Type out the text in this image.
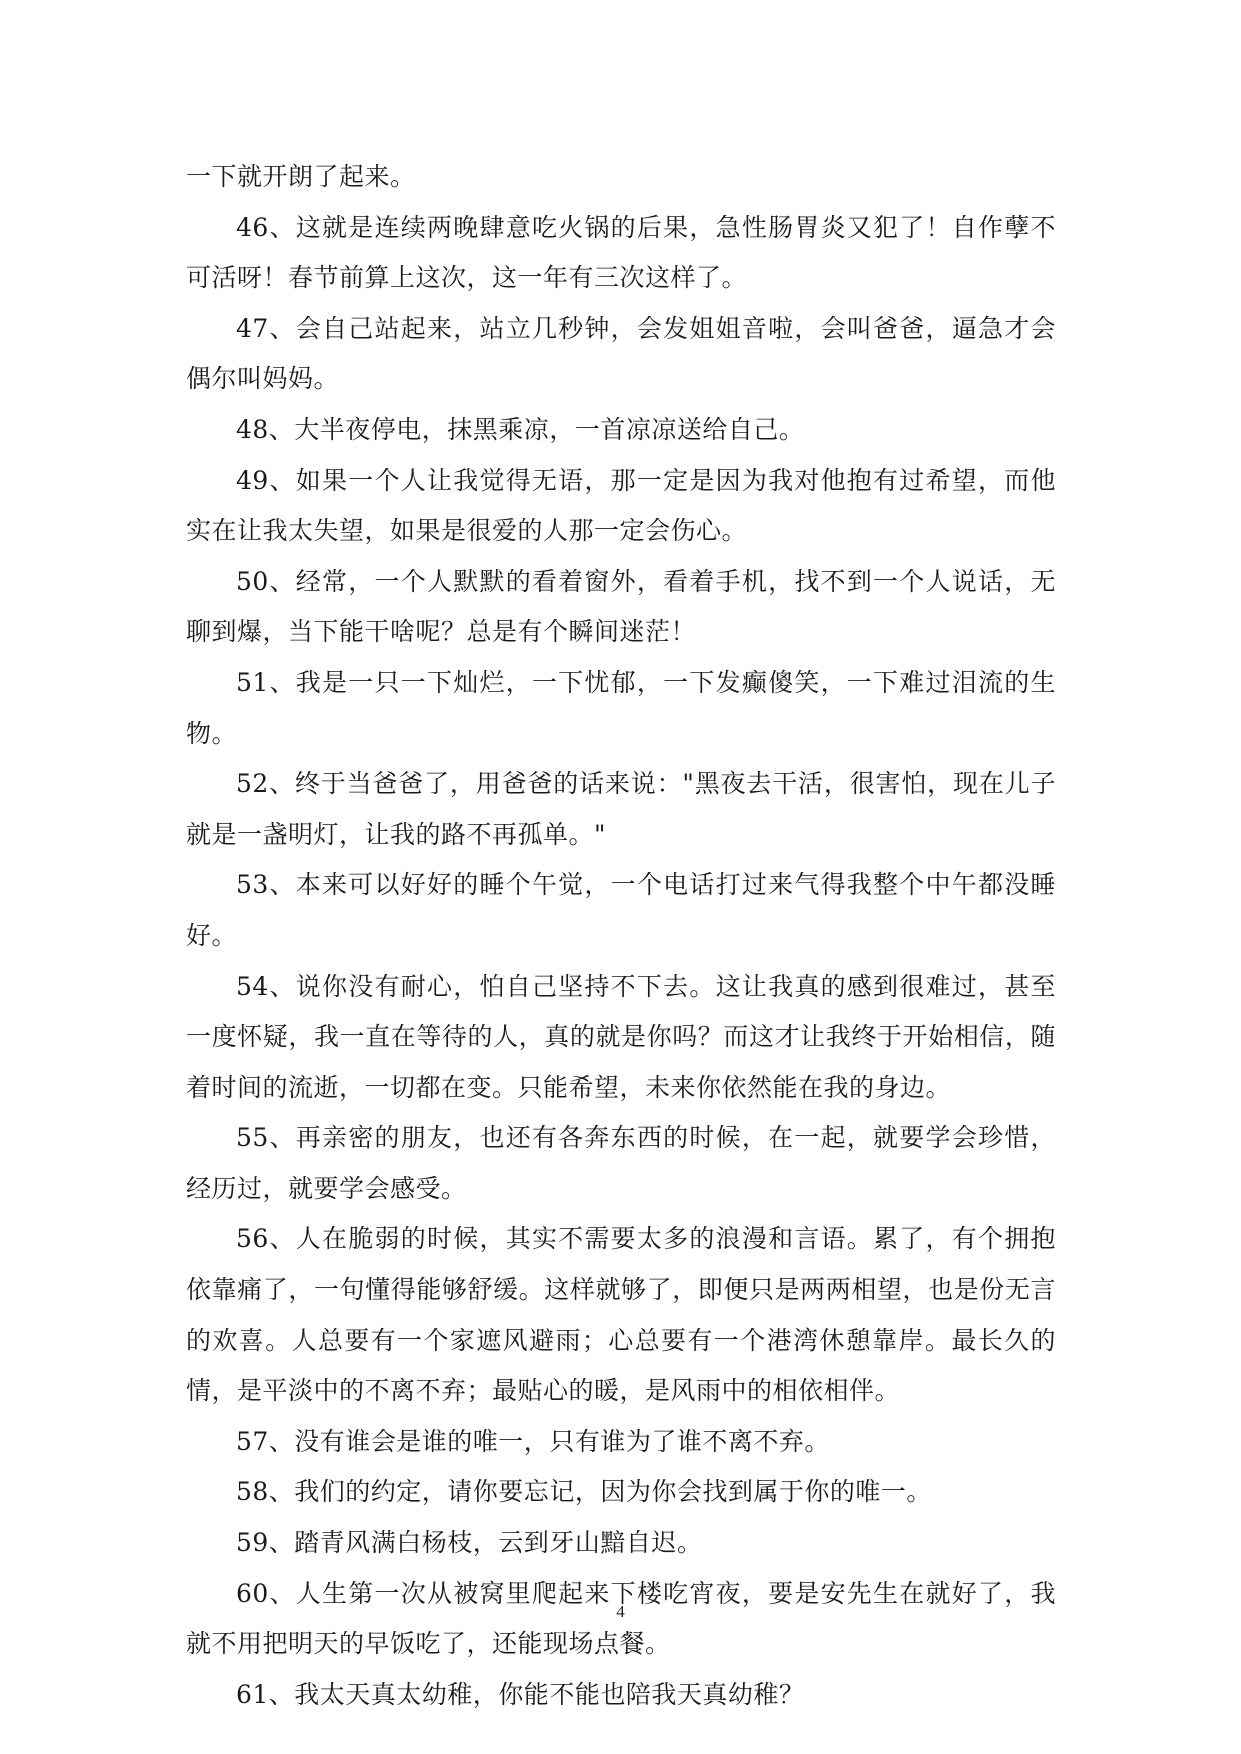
一下就开朗了起来。

46、这就是连续两晚肆意吃火锅的后果，急性肠胃炎又犯了！自作孽不可活呀！春节前算上这次，这一年有三次这样了。

47、会自己站起来，站立几秒钟，会发姐姐音啦，会叫爸爸，逼急才会偶尔叫妈妈。

48、大半夜停电，抹黑乘凉，一首凉凉送给自己。

49、如果一个人让我觉得无语，那一定是因为我对他抱有过希望，而他实在让我太失望，如果是很爱的人那一定会伤心。

50、经常，一个人默默的看着窗外，看着手机，找不到一个人说话，无聊到爆，当下能干啥呢？总是有个瞬间迷茫！

51、我是一只一下灿烂，一下忧郁，一下发癫傻笑，一下难过泪流的生物。

52、终于当爸爸了，用爸爸的话来说："黑夜去干活，很害怕，现在儿子就是一盏明灯，让我的路不再孤单。"

53、本来可以好好的睡个午觉，一个电话打过来气得我整个中午都没睡好。

54、说你没有耐心，怕自己坚持不下去。这让我真的感到很难过，甚至一度怀疑，我一直在等待的人，真的就是你吗？而这才让我终于开始相信，随着时间的流逝，一切都在变。只能希望，未来你依然能在我的身边。

55、再亲密的朋友，也还有各奔东西的时候，在一起，就要学会珍惜，经历过，就要学会感受。

56、人在脆弱的时候，其实不需要太多的浪漫和言语。累了，有个拥抱依靠痛了，一句懂得能够舒缓。这样就够了，即便只是两两相望，也是份无言的欢喜。人总要有一个家遮风避雨；心总要有一个港湾休憩靠岸。最长久的情，是平淡中的不离不弃；最贴心的暖，是风雨中的相依相伴。

57、没有谁会是谁的唯一，只有谁为了谁不离不弃。

58、我们的约定，请你要忘记，因为你会找到属于你的唯一。

59、踏青风满白杨枝，云到牙山黯自迟。

60、人生第一次从被窝里爬起来下楼吃宵夜，要是安先生在就好了，我就不用把明天的早饭吃了，还能现场点餐。

61、我太天真太幼稚，你能不能也陪我天真幼稚？

4
